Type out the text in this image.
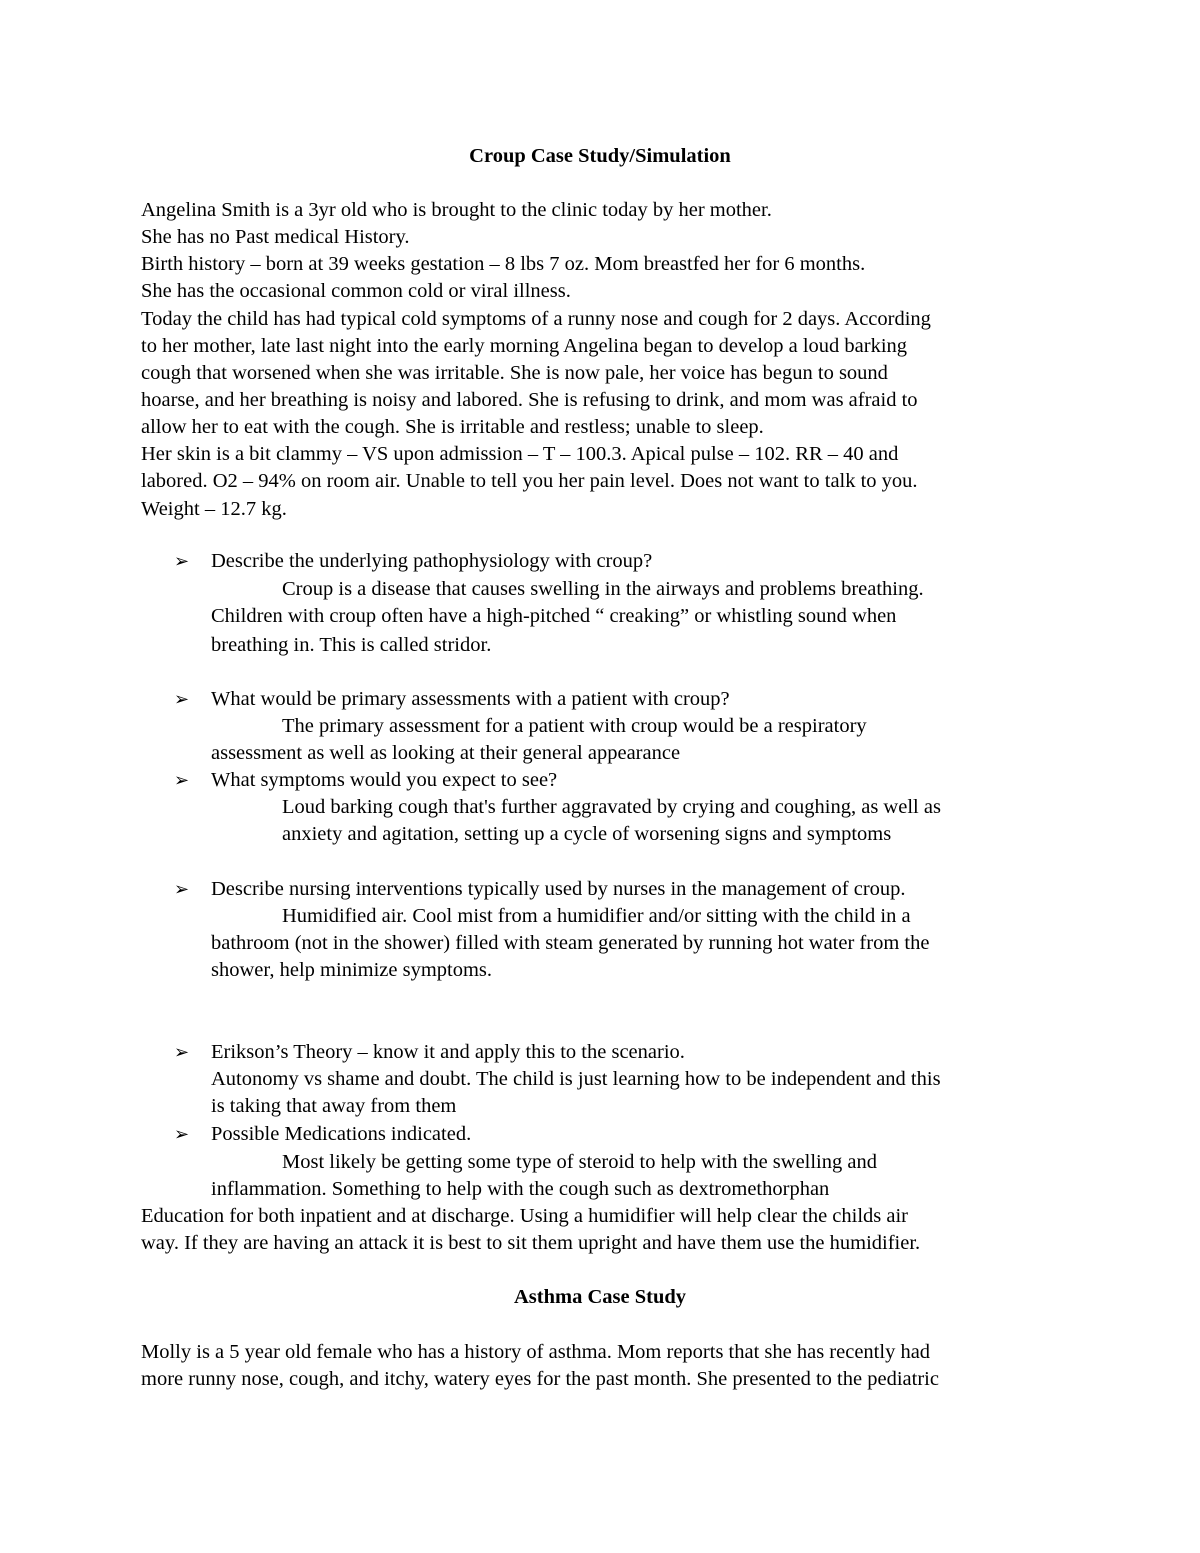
Croup Case Study/Simulation
Angelina Smith is a 3yr old who is brought to the clinic today by her mother.
She has no Past medical History.
Birth history – born at 39 weeks gestation – 8 lbs 7 oz. Mom breastfed her for 6 months.
She has the occasional common cold or viral illness.
Today the child has had typical cold symptoms of a runny nose and cough for 2 days. According
to her mother, late last night into the early morning Angelina began to develop a loud barking
cough that worsened when she was irritable. She is now pale, her voice has begun to sound
hoarse, and her breathing is noisy and labored. She is refusing to drink, and mom was afraid to
allow her to eat with the cough. She is irritable and restless; unable to sleep.
Her skin is a bit clammy – VS upon admission – T – 100.3. Apical pulse – 102. RR – 40 and
labored. O2 – 94% on room air. Unable to tell you her pain level. Does not want to talk to you.
Weight – 12.7 kg.
➢ Describe the underlying pathophysiology with croup?
Croup is a disease that causes swelling in the airways and problems breathing.
Children with croup often have a high-pitched “ creaking” or whistling sound when
breathing in. This is called stridor.
➢ What would be primary assessments with a patient with croup?
The primary assessment for a patient with croup would be a respiratory
assessment as well as looking at their general appearance
➢ What symptoms would you expect to see?
Loud barking cough that's further aggravated by crying and coughing, as well as
anxiety and agitation, setting up a cycle of worsening signs and symptoms
➢ Describe nursing interventions typically used by nurses in the management of croup.
Humidified air. Cool mist from a humidifier and/or sitting with the child in a
bathroom (not in the shower) filled with steam generated by running hot water from the
shower, help minimize symptoms.
➢ Erikson’s Theory – know it and apply this to the scenario.
Autonomy vs shame and doubt. The child is just learning how to be independent and this
is taking that away from them
➢ Possible Medications indicated.
Most likely be getting some type of steroid to help with the swelling and
inflammation. Something to help with the cough such as dextromethorphan
Education for both inpatient and at discharge. Using a humidifier will help clear the childs air
way. If they are having an attack it is best to sit them upright and have them use the humidifier.
Asthma Case Study
Molly is a 5 year old female who has a history of asthma. Mom reports that she has recently had
more runny nose, cough, and itchy, watery eyes for the past month. She presented to the pediatric
